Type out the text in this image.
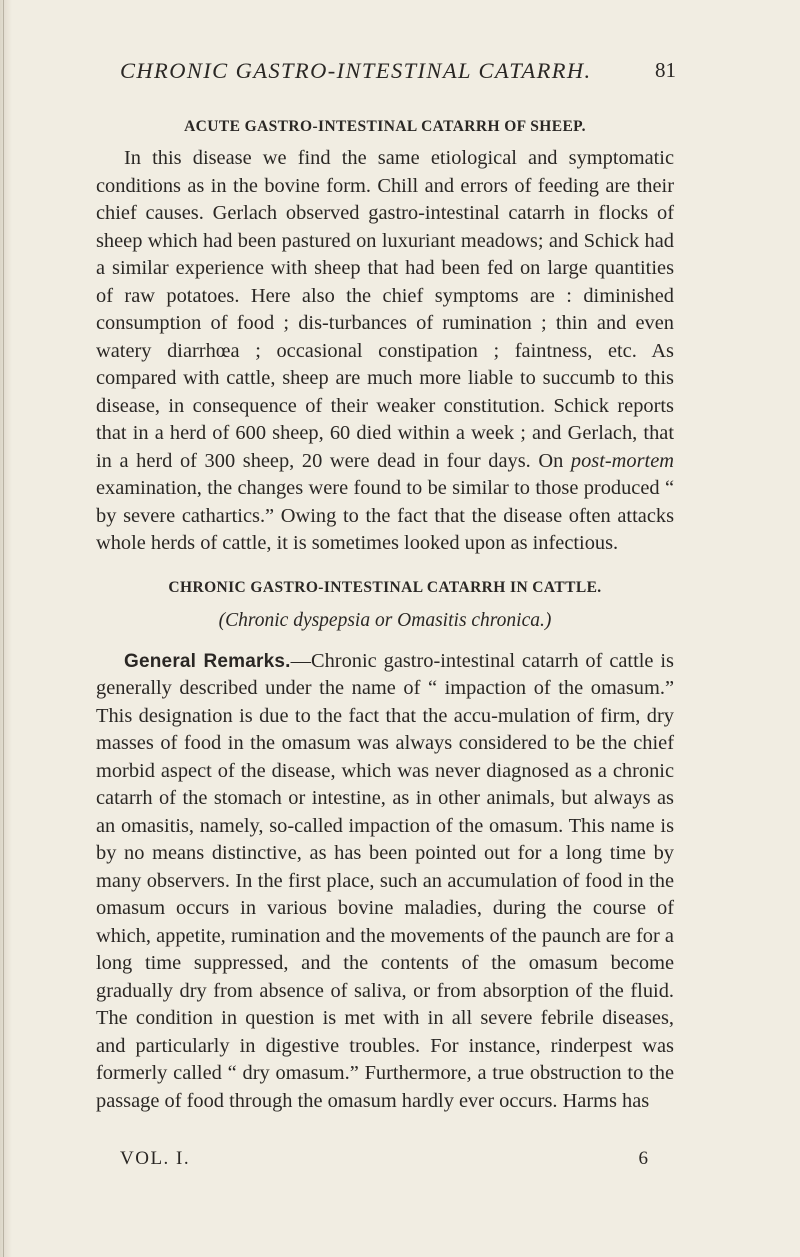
CHRONIC GASTRO-INTESTINAL CATARRH.	81
ACUTE GASTRO-INTESTINAL CATARRH OF SHEEP.

In this disease we find the same etiological and symptomatic conditions as in the bovine form. Chill and errors of feeding are their chief causes. Gerlach observed gastro-intestinal catarrh in flocks of sheep which had been pastured on luxuriant meadows; and Schick had a similar experience with sheep that had been fed on large quantities of raw potatoes. Here also the chief symptoms are : diminished consumption of food ; dis-turbances of rumination ; thin and even watery diarrhœa ; occasional constipation ; faintness, etc. As compared with cattle, sheep are much more liable to succumb to this disease, in consequence of their weaker constitution. Schick reports that in a herd of 600 sheep, 60 died within a week ; and Gerlach, that in a herd of 300 sheep, 20 were dead in four days. On post-mortem examination, the changes were found to be similar to those produced “ by severe cathartics.” Owing to the fact that the disease often attacks whole herds of cattle, it is sometimes looked upon as infectious.

CHRONIC GASTRO-INTESTINAL CATARRH IN CATTLE.

(Chronic dyspepsia or Omasitis chronica.)

General Remarks.—Chronic gastro-intestinal catarrh of cattle is generally described under the name of “ impaction of the omasum.” This designation is due to the fact that the accu-mulation of firm, dry masses of food in the omasum was always considered to be the chief morbid aspect of the disease, which was never diagnosed as a chronic catarrh of the stomach or intestine, as in other animals, but always as an omasitis, namely, so-called impaction of the omasum. This name is by no means distinctive, as has been pointed out for a long time by many observers. In the first place, such an accumulation of food in the omasum occurs in various bovine maladies, during the course of which, appetite, rumination and the movements of the paunch are for a long time suppressed, and the contents of the omasum become gradually dry from absence of saliva, or from absorption of the fluid. The condition in question is met with in all severe febrile diseases, and particularly in digestive troubles. For instance, rinderpest was formerly called “ dry omasum.” Furthermore, a true obstruction to the passage of food through the omasum hardly ever occurs. Harms has

VOL. I.	6
